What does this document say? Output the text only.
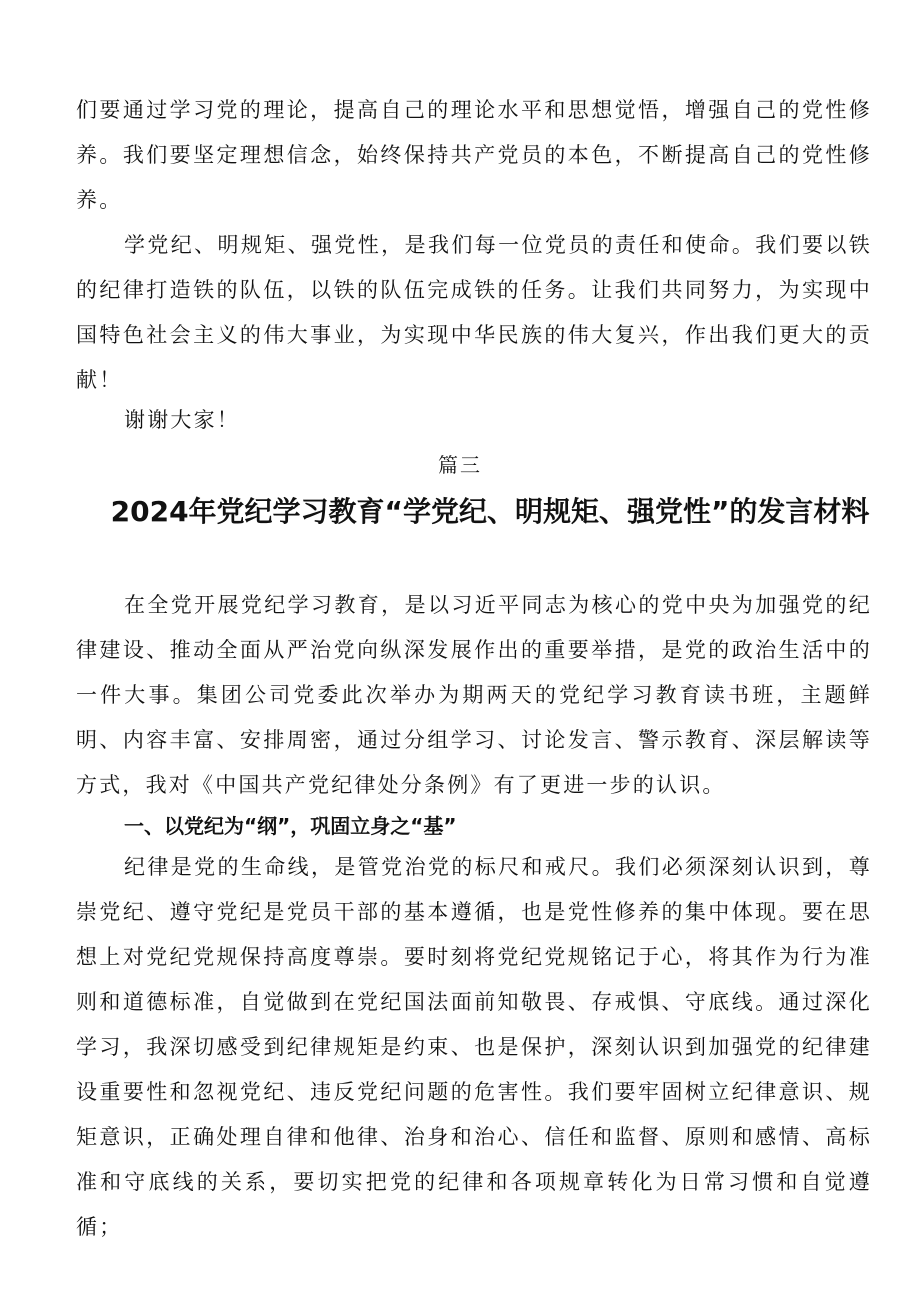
们要通过学习党的理论，提高自己的理论水平和思想觉悟，增强自己的党性修养。我们要坚定理想信念，始终保持共产党员的本色，不断提高自己的党性修养。

学党纪、明规矩、强党性，是我们每一位党员的责任和使命。我们要以铁的纪律打造铁的队伍，以铁的队伍完成铁的任务。让我们共同努力，为实现中国特色社会主义的伟大事业，为实现中华民族的伟大复兴，作出我们更大的贡献！

谢谢大家！

篇三
2024年党纪学习教育“学党纪、明规矩、强党性”的发言材料

在全党开展党纪学习教育，是以习近平同志为核心的党中央为加强党的纪律建设、推动全面从严治党向纵深发展作出的重要举措，是党的政治生活中的一件大事。集团公司党委此次举办为期两天的党纪学习教育读书班，主题鲜明、内容丰富、安排周密，通过分组学习、讨论发言、警示教育、深层解读等方式，我对《中国共产党纪律处分条例》有了更进一步的认识。

一、以党纪为“纲”，巩固立身之“基”

纪律是党的生命线，是管党治党的标尺和戒尺。我们必须深刻认识到，尊崇党纪、遵守党纪是党员干部的基本遵循，也是党性修养的集中体现。要在思想上对党纪党规保持高度尊崇。要时刻将党纪党规铭记于心，将其作为行为准则和道德标准，自觉做到在党纪国法面前知敬畏、存戒惧、守底线。通过深化学习，我深切感受到纪律规矩是约束、也是保护，深刻认识到加强党的纪律建设重要性和忽视党纪、违反党纪问题的危害性。我们要牢固树立纪律意识、规矩意识，正确处理自律和他律、治身和治心、信任和监督、原则和感情、高标准和守底线的关系，要切实把党的纪律和各项规章转化为日常习惯和自觉遵循；
